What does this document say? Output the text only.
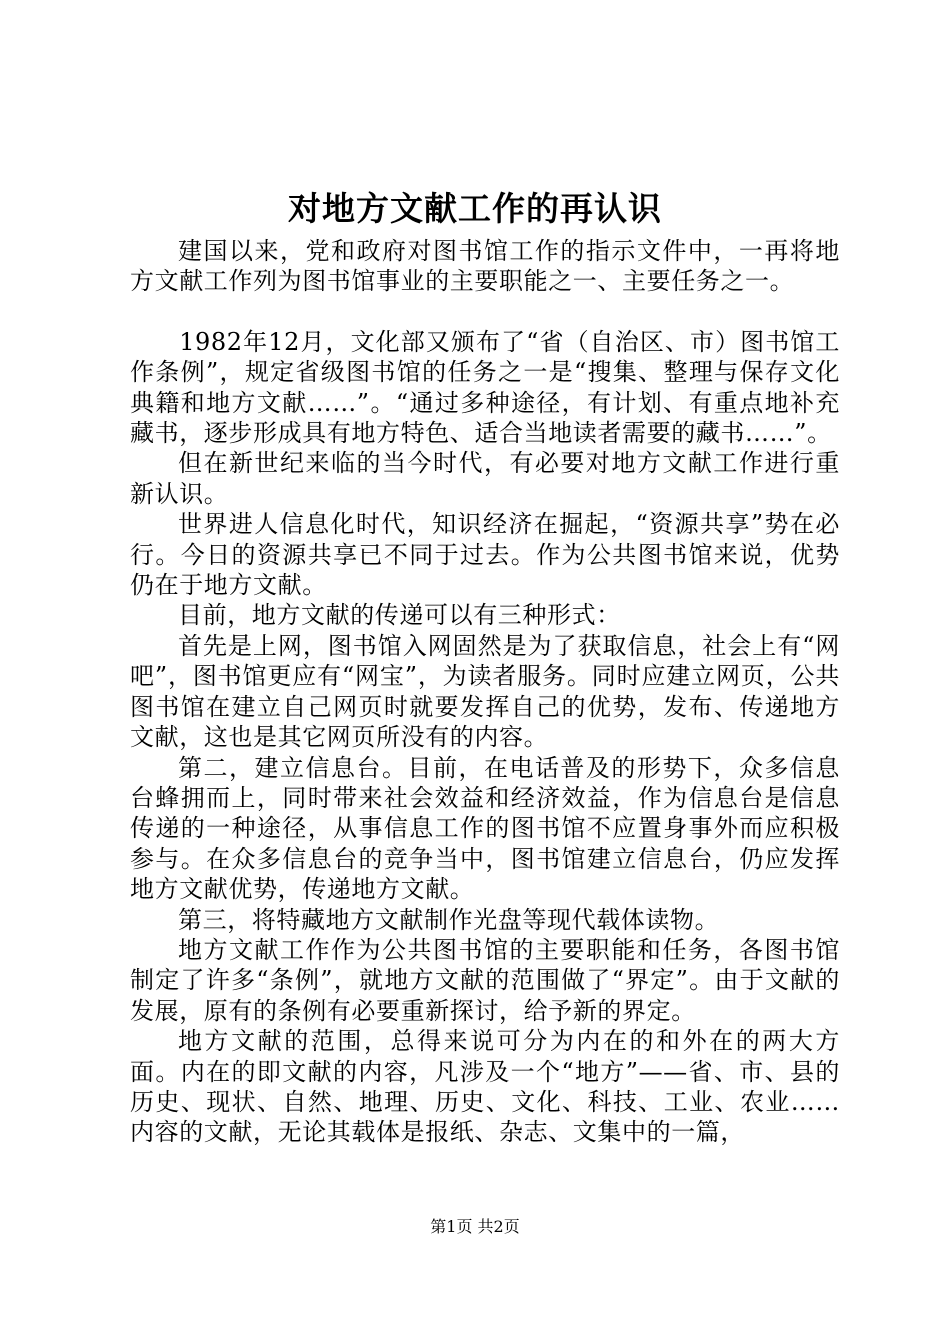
对地方文献工作的再认识

建国以来，党和政府对图书馆工作的指示文件中，一再将地方文献工作列为图书馆事业的主要职能之一、主要任务之一。

1982年12月，文化部又颁布了“省（自治区、市）图书馆工作条例”，规定省级图书馆的任务之一是“搜集、整理与保存文化典籍和地方文献……”。“通过多种途径，有计划、有重点地补充藏书，逐步形成具有地方特色、适合当地读者需要的藏书……”。

但在新世纪来临的当今时代，有必要对地方文献工作进行重新认识。

世界进人信息化时代，知识经济在掘起，“资源共享”势在必行。今日的资源共享已不同于过去。作为公共图书馆来说，优势仍在于地方文献。

目前，地方文献的传递可以有三种形式：

首先是上网，图书馆入网固然是为了获取信息，社会上有“网吧”，图书馆更应有“网宝”，为读者服务。同时应建立网页，公共图书馆在建立自己网页时就要发挥自己的优势，发布、传递地方文献，这也是其它网页所没有的内容。

第二，建立信息台。目前，在电话普及的形势下，众多信息台蜂拥而上，同时带来社会效益和经济效益，作为信息台是信息传递的一种途径，从事信息工作的图书馆不应置身事外而应积极参与。在众多信息台的竞争当中，图书馆建立信息台，仍应发挥地方文献优势，传递地方文献。

第三，将特藏地方文献制作光盘等现代载体读物。

地方文献工作作为公共图书馆的主要职能和任务，各图书馆制定了许多“条例”，就地方文献的范围做了“界定”。由于文献的发展，原有的条例有必要重新探讨，给予新的界定。

地方文献的范围，总得来说可分为内在的和外在的两大方面。内在的即文献的内容，凡涉及一个“地方”——省、市、县的历史、现状、自然、地理、历史、文化、科技、工业、农业……内容的文献，无论其载体是报纸、杂志、文集中的一篇，

第1页 共2页
